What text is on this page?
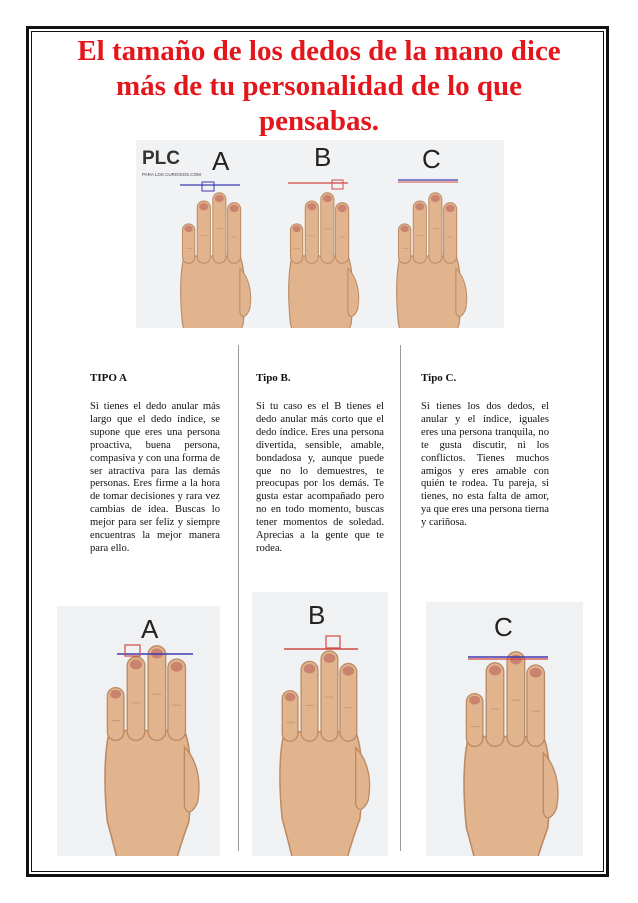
El tamaño de los dedos de la mano dice más de tu personalidad de lo que pensabas.
PLC
PARA LOS CURIOSOS.COM A	B	C
TIPO A

Si tienes el dedo anular más largo que el dedo índice, se supone que eres una persona proactiva, buena persona, compasiva y con una forma de ser atractiva para las demás personas. Eres firme a la hora de tomar decisiones y rara vez cambias de idea. Buscas lo mejor para ser feliz y siempre encuentras la mejor manera para ello.

Tipo B.

Si tu caso es el B tienes el dedo anular más corto que el dedo índice. Eres una persona divertida, sensible, amable, bondadosa y, aunque puede que no lo demuestres, te preocupas por los demás. Te gusta estar acompañado pero no en todo momento, buscas tener momentos de soledad. Aprecias a la gente que te rodea.

Tipo C.

Si tienes los dos dedos, el anular y el índice, iguales eres una persona tranquila, no te gusta discutir, ni los conflictos. Tienes muchos amigos y eres amable con quién te rodea. Tu pareja, si tienes, no esta falta de amor, ya que eres una persona tierna y cariñosa.

A	B	C
